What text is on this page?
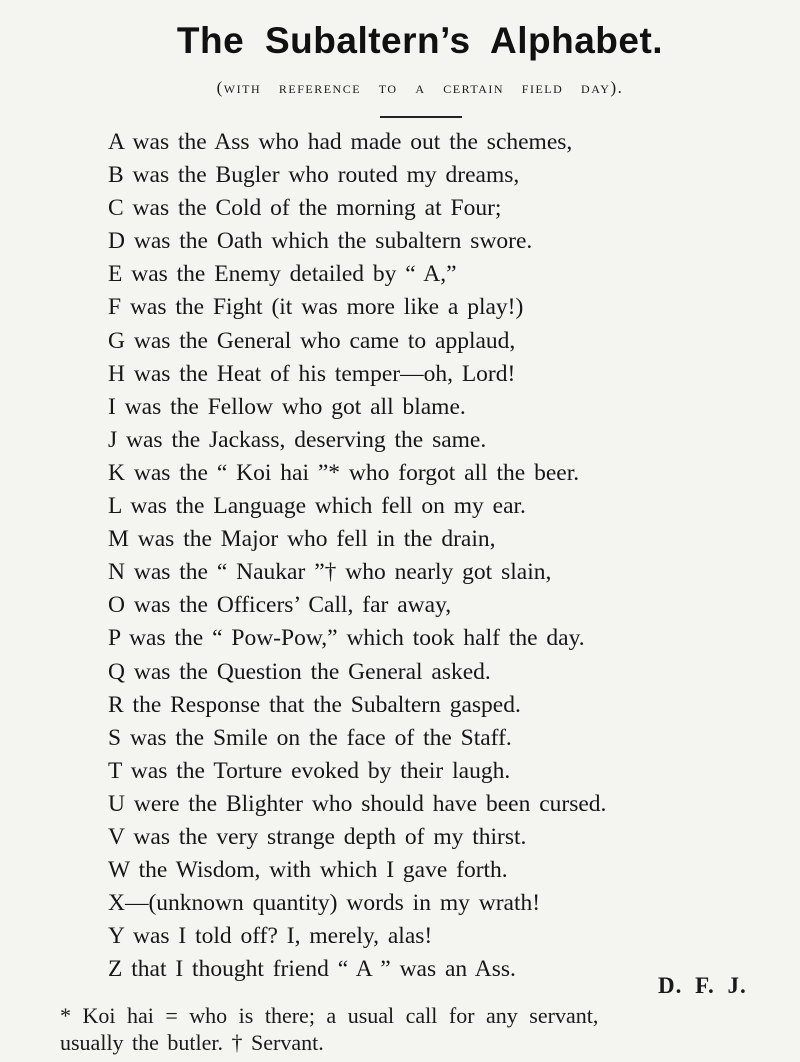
The Subaltern’s Alphabet.
(with reference to a certain field day).
A was the Ass who had made out the schemes,
B was the Bugler who routed my dreams,
C was the Cold of the morning at Four;
D was the Oath which the subaltern swore.
E was the Enemy detailed by “ A,”
F was the Fight (it was more like a play!)
G was the General who came to applaud,
H was the Heat of his temper—oh, Lord!
I was the Fellow who got all blame.
J was the Jackass, deserving the same.
K was the “ Koi hai ”* who forgot all the beer.
L was the Language which fell on my ear.
M was the Major who fell in the drain,
N was the “ Naukar ”† who nearly got slain,
O was the Officers’ Call, far away,
P was the “ Pow-Pow,” which took half the day.
Q was the Question the General asked.
R the Response that the Subaltern gasped.
S was the Smile on the face of the Staff.
T was the Torture evoked by their laugh.
U were the Blighter who should have been cursed.
V was the very strange depth of my thirst.
W the Wisdom, with which I gave forth.
X—(unknown quantity) words in my wrath!
Y was I told off? I, merely, alas!
Z that I thought friend “ A ” was an Ass.
D. F. J.
* Koi hai = who is there; a usual call for any servant,
usually the butler. † Servant.
